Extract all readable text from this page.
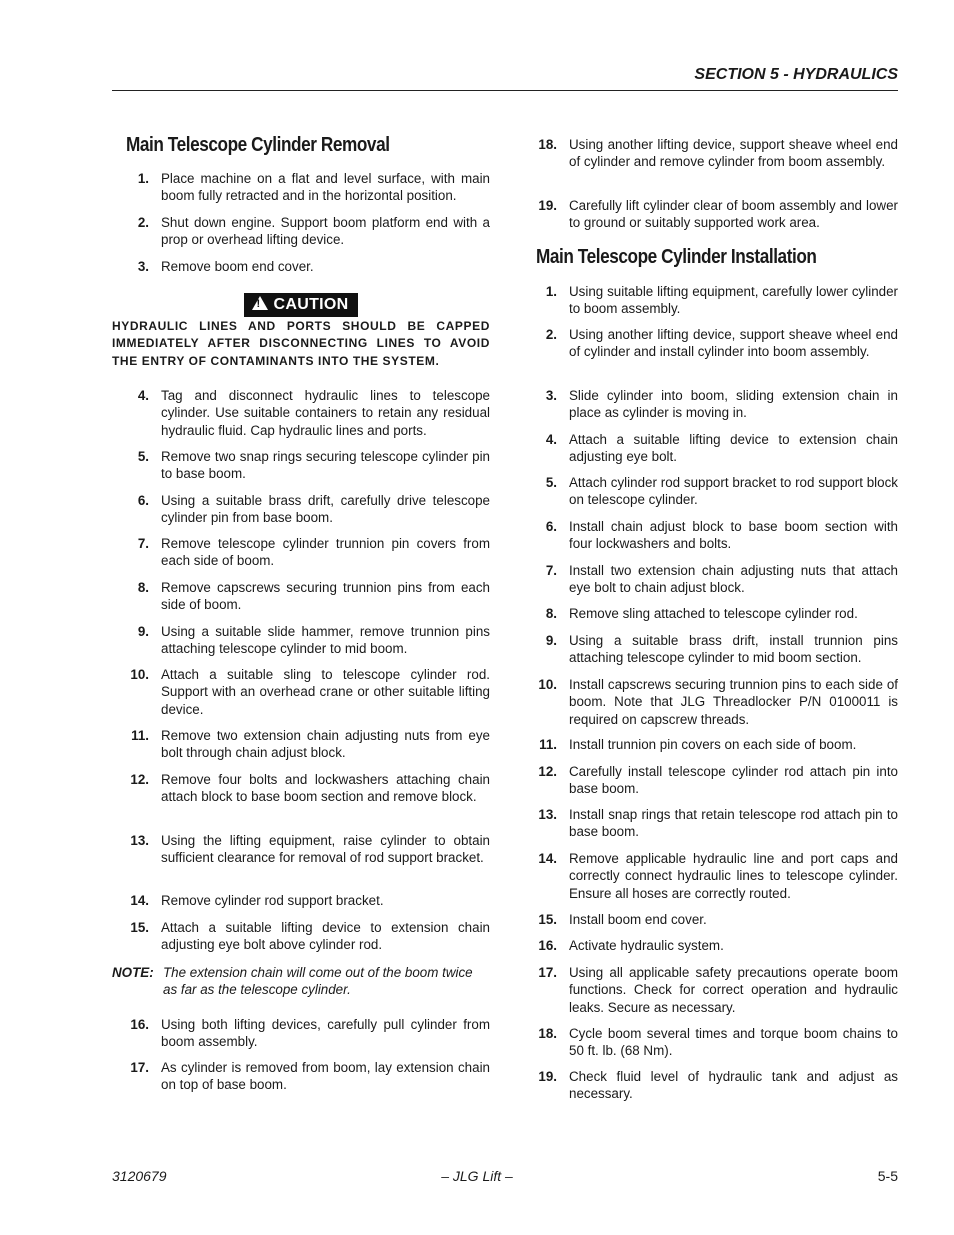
SECTION 5 - HYDRAULICS
Main Telescope Cylinder Removal
1. Place machine on a flat and level surface, with main boom fully retracted and in the horizontal position.
2. Shut down engine. Support boom platform end with a prop or overhead lifting device.
3. Remove boom end cover.
!CAUTION
HYDRAULIC LINES AND PORTS SHOULD BE CAPPED IMMEDIATELY AFTER DISCONNECTING LINES TO AVOID THE ENTRY OF CONTAMINANTS INTO THE SYSTEM.
4. Tag and disconnect hydraulic lines to telescope cylinder. Use suitable containers to retain any residual hydraulic fluid. Cap hydraulic lines and ports.
5. Remove two snap rings securing telescope cylinder pin to base boom.
6. Using a suitable brass drift, carefully drive telescope cylinder pin from base boom.
7. Remove telescope cylinder trunnion pin covers from each side of boom.
8. Remove capscrews securing trunnion pins from each side of boom.
9. Using a suitable slide hammer, remove trunnion pins attaching telescope cylinder to mid boom.
10. Attach a suitable sling to telescope cylinder rod. Support with an overhead crane or other suitable lifting device.
11. Remove two extension chain adjusting nuts from eye bolt through chain adjust block.
12. Remove four bolts and lockwashers attaching chain attach block to base boom section and remove block.
13. Using the lifting equipment, raise cylinder to obtain sufficient clearance for removal of rod support bracket.
14. Remove cylinder rod support bracket.
15. Attach a suitable lifting device to extension chain adjusting eye bolt above cylinder rod.
NOTE: The extension chain will come out of the boom twice as far as the telescope cylinder.
16. Using both lifting devices, carefully pull cylinder from boom assembly.
17. As cylinder is removed from boom, lay extension chain on top of base boom.
18. Using another lifting device, support sheave wheel end of cylinder and remove cylinder from boom assembly.
19. Carefully lift cylinder clear of boom assembly and lower to ground or suitably supported work area.
Main Telescope Cylinder Installation
1. Using suitable lifting equipment, carefully lower cylinder to boom assembly.
2. Using another lifting device, support sheave wheel end of cylinder and install cylinder into boom assembly.
3. Slide cylinder into boom, sliding extension chain in place as cylinder is moving in.
4. Attach a suitable lifting device to extension chain adjusting eye bolt.
5. Attach cylinder rod support bracket to rod support block on telescope cylinder.
6. Install chain adjust block to base boom section with four lockwashers and bolts.
7. Install two extension chain adjusting nuts that attach eye bolt to chain adjust block.
8. Remove sling attached to telescope cylinder rod.
9. Using a suitable brass drift, install trunnion pins attaching telescope cylinder to mid boom section.
10. Install capscrews securing trunnion pins to each side of boom. Note that JLG Threadlocker P/N 0100011 is required on capscrew threads.
11. Install trunnion pin covers on each side of boom.
12. Carefully install telescope cylinder rod attach pin into base boom.
13. Install snap rings that retain telescope rod attach pin to base boom.
14. Remove applicable hydraulic line and port caps and correctly connect hydraulic lines to telescope cylinder. Ensure all hoses are correctly routed.
15. Install boom end cover.
16. Activate hydraulic system.
17. Using all applicable safety precautions operate boom functions. Check for correct operation and hydraulic leaks. Secure as necessary.
18. Cycle boom several times and torque boom chains to 50 ft. lb. (68 Nm).
19. Check fluid level of hydraulic tank and adjust as necessary.
3120679	– JLG Lift –	5-5
